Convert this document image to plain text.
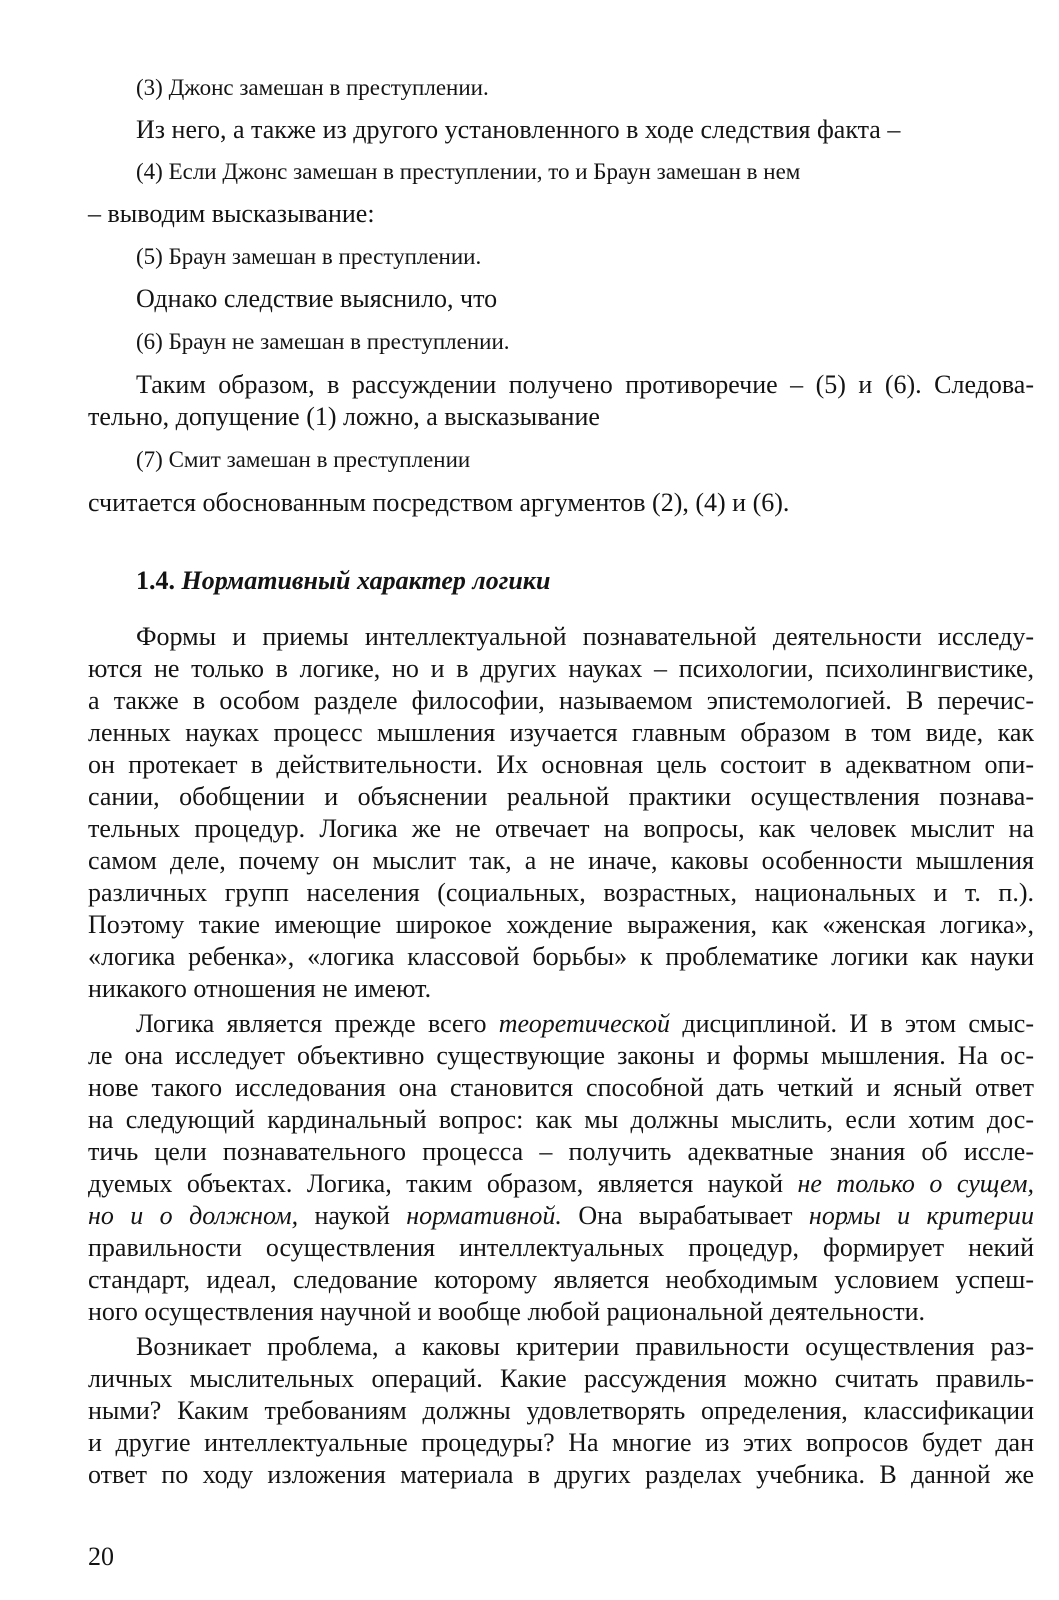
(3) Джонс замешан в преступлении.
Из него, а также из другого установленного в ходе следствия факта –
(4) Если Джонс замешан в преступлении, то и Браун замешан в нем
– выводим высказывание:
(5) Браун замешан в преступлении.
Однако следствие выяснило, что
(6) Браун не замешан в преступлении.
Таким образом, в рассуждении получено противоречие – (5) и (6). Следова-
тельно, допущение (1) ложно, а высказывание
(7) Смит замешан в преступлении
считается обоснованным посредством аргументов (2), (4) и (6).
1.4. Нормативный характер логики
Формы и приемы интеллектуальной познавательной деятельности исследу-
ются не только в логике, но и в других науках – психологии, психолингвистике,
а также в особом разделе философии, называемом эпистемологией. В перечис-
ленных науках процесс мышления изучается главным образом в том виде, как
он протекает в действительности. Их основная цель состоит в адекватном опи-
сании, обобщении и объяснении реальной практики осуществления познава-
тельных процедур. Логика же не отвечает на вопросы, как человек мыслит на
самом деле, почему он мыслит так, а не иначе, каковы особенности мышления
различных групп населения (социальных, возрастных, национальных и т. п.).
Поэтому такие имеющие широкое хождение выражения, как «женская логика»,
«логика ребенка», «логика классовой борьбы» к проблематике логики как науки
никакого отношения не имеют.
Логика является прежде всего теоретической дисциплиной. И в этом смыс-
ле она исследует объективно существующие законы и формы мышления. На ос-
нове такого исследования она становится способной дать четкий и ясный ответ
на следующий кардинальный вопрос: как мы должны мыслить, если хотим дос-
тичь цели познавательного процесса – получить адекватные знания об иссле-
дуемых объектах. Логика, таким образом, является наукой не только о сущем,
но и о должном, наукой нормативной. Она вырабатывает нормы и критерии
правильности осуществления интеллектуальных процедур, формирует некий
стандарт, идеал, следование которому является необходимым условием успеш-
ного осуществления научной и вообще любой рациональной деятельности.
Возникает проблема, а каковы критерии правильности осуществления раз-
личных мыслительных операций. Какие рассуждения можно считать правиль-
ными? Каким требованиям должны удовлетворять определения, классификации
и другие интеллектуальные процедуры? На многие из этих вопросов будет дан
ответ по ходу изложения материала в других разделах учебника. В данной же
20
